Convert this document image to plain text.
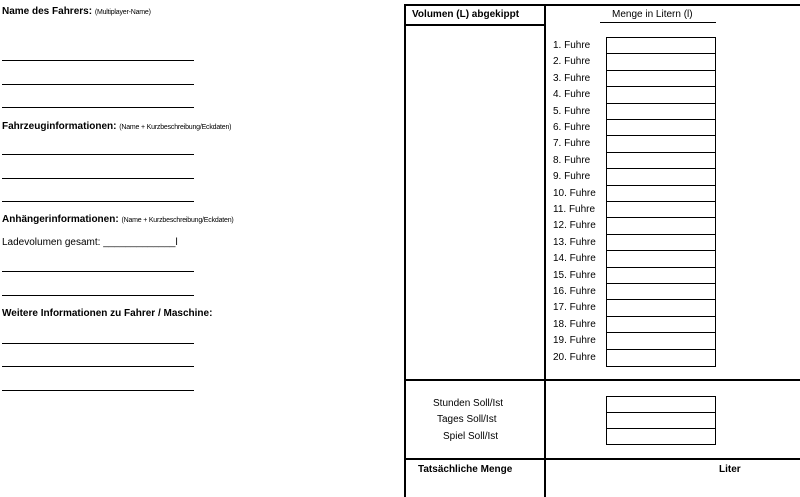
Name des Fahrers: (Multiplayer-Name)
Fahrzeuginformationen: (Name + Kurzbeschreibung/Eckdaten)
Anhängerinformationen: (Name + Kurzbeschreibung/Eckdaten)
Ladevolumen gesamt: _____________l
Weitere Informationen zu Fahrer / Maschine:
Volumen (L) abgekippt	Menge in Litern (l)
1. Fuhre
2. Fuhre
3. Fuhre
4. Fuhre
5. Fuhre
6. Fuhre
7. Fuhre
8. Fuhre
9. Fuhre
10. Fuhre
11. Fuhre
12. Fuhre
13. Fuhre
14. Fuhre
15. Fuhre
16. Fuhre
17. Fuhre
18. Fuhre
19. Fuhre
20. Fuhre
Stunden Soll/Ist
Tages Soll/Ist
Spiel Soll/Ist
Tatsächliche Menge	Liter
